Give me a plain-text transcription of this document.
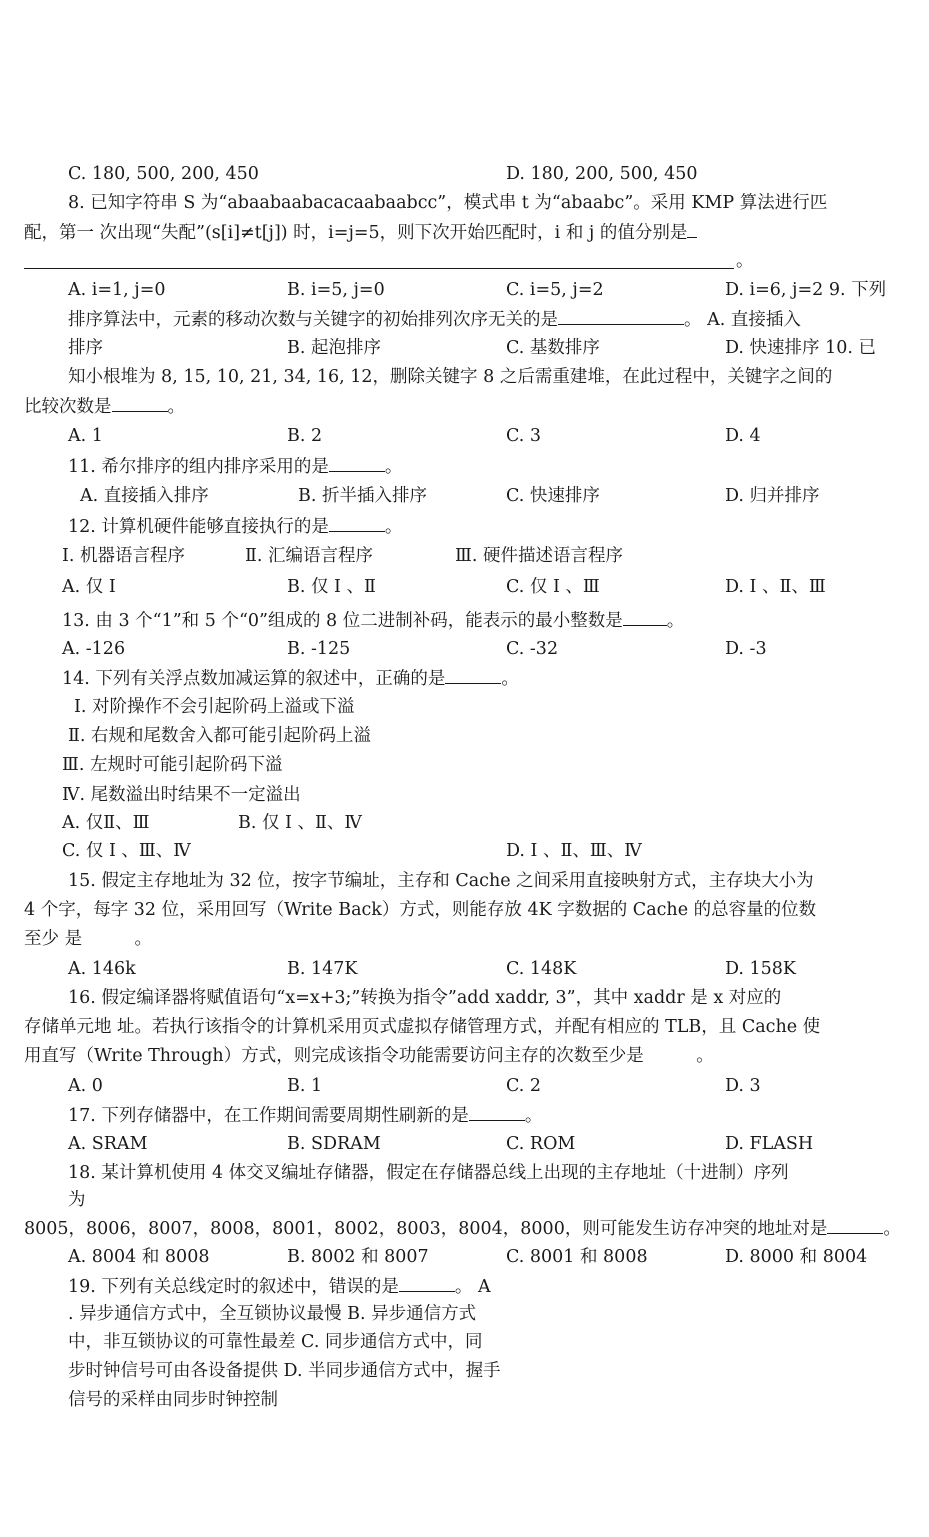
C. 180, 500, 200, 450	D. 180, 200, 500, 450
8. 已知字符串 S 为“abaabaabacacaabaabcc”，模式串 t 为“abaabc”。采用 KMP 算法进行匹
配，第一 次出现“失配”(s[i]≠t[j]) 时，i=j=5，则下次开始匹配时，i 和 j 的值分别是
。
A. i=1, j=0	B. i=5, j=0	C. i=5, j=2	D. i=6, j=2 9. 下列
排序算法中，元素的移动次数与关键字的初始排列次序无关的是	。 A. 直接插入
排序	B. 起泡排序	C. 基数排序	D. 快速排序 10. 已
知小根堆为 8, 15, 10, 21, 34, 16, 12，删除关键字 8 之后需重建堆，在此过程中，关键字之间的
比较次数是	。
A. 1	B. 2	C. 3	D. 4
11. 希尔排序的组内排序采用的是	。
A. 直接插入排序	B. 折半插入排序	C. 快速排序	D. 归并排序
12. 计算机硬件能够直接执行的是	。
Ⅰ. 机器语言程序	Ⅱ. 汇编语言程序	Ⅲ. 硬件描述语言程序
A. 仅 Ⅰ	B. 仅 Ⅰ 、Ⅱ	C. 仅 Ⅰ 、Ⅲ	D. Ⅰ 、Ⅱ、Ⅲ
13. 由 3 个“1”和 5 个“0”组成的 8 位二进制补码，能表示的最小整数是	。
A. -126	B. -125	C. -32	D. -3
14. 下列有关浮点数加减运算的叙述中，正确的是	。
Ⅰ. 对阶操作不会引起阶码上溢或下溢
Ⅱ. 右规和尾数舍入都可能引起阶码上溢
Ⅲ. 左规时可能引起阶码下溢
Ⅳ. 尾数溢出时结果不一定溢出
A. 仅Ⅱ、Ⅲ	B. 仅 Ⅰ 、Ⅱ、Ⅳ
C. 仅 Ⅰ 、Ⅲ、Ⅳ	D. Ⅰ 、Ⅱ、Ⅲ、Ⅳ
15. 假定主存地址为 32 位，按字节编址，主存和 Cache 之间采用直接映射方式，主存块大小为
4 个字，每字 32 位，采用回写（Write Back）方式，则能存放 4K 字数据的 Cache 的总容量的位数
至少 是　　　。
A. 146k	B. 147K	C. 148K	D. 158K
16. 假定编译器将赋值语句“x=x+3;”转换为指令”add xaddr, 3”，其中 xaddr 是 x 对应的
存储单元地 址。若执行该指令的计算机采用页式虚拟存储管理方式，并配有相应的 TLB，且 Cache 使
用直写（Write Through）方式，则完成该指令功能需要访问主存的次数至少是　　　。
A. 0	B. 1	C. 2	D. 3
17. 下列存储器中，在工作期间需要周期性刷新的是	。
A. SRAM	B. SDRAM	C. ROM	D. FLASH
18. 某计算机使用 4 体交叉编址存储器，假定在存储器总线上出现的主存地址（十进制）序列
为
8005，8006，8007，8008，8001，8002，8003，8004，8000，则可能发生访存冲突的地址对是	。
A. 8004 和 8008	B. 8002 和 8007	C. 8001 和 8008	D. 8000 和 8004
19. 下列有关总线定时的叙述中，错误的是	。 A
. 异步通信方式中，全互锁协议最慢 B. 异步通信方式
中，非互锁协议的可靠性最差 C. 同步通信方式中，同
步时钟信号可由各设备提供 D. 半同步通信方式中，握手
信号的采样由同步时钟控制
